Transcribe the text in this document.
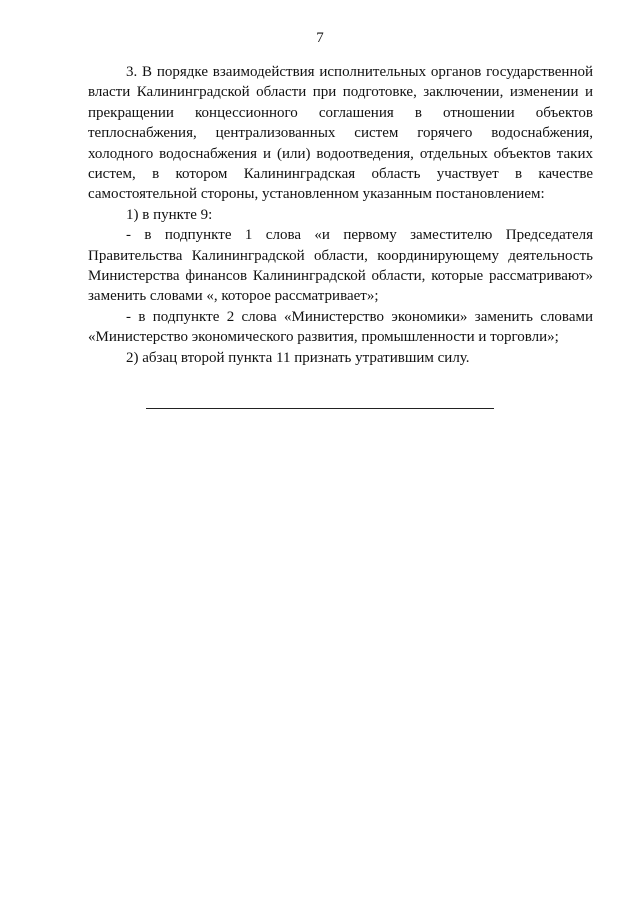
7

3. В порядке взаимодействия исполнительных органов государственной власти Калининградской области при подготовке, заключении, изменении и прекращении концессионного соглашения в отношении объектов теплоснабжения, централизованных систем горячего водоснабжения, холодного водоснабжения и (или) водоотведения, отдельных объектов таких систем, в котором Калининградская область участвует в качестве самостоятельной стороны, установленном указанным постановлением:

1) в пункте 9:

- в подпункте 1 слова «и первому заместителю Председателя Правительства Калининградской области, координирующему деятельность Министерства финансов Калининградской области, которые рассматривают» заменить словами «, которое рассматривает»;

- в подпункте 2 слова «Министерство экономики» заменить словами «Министерство экономического развития, промышленности и торговли»;

2) абзац второй пункта 11 признать утратившим силу.
